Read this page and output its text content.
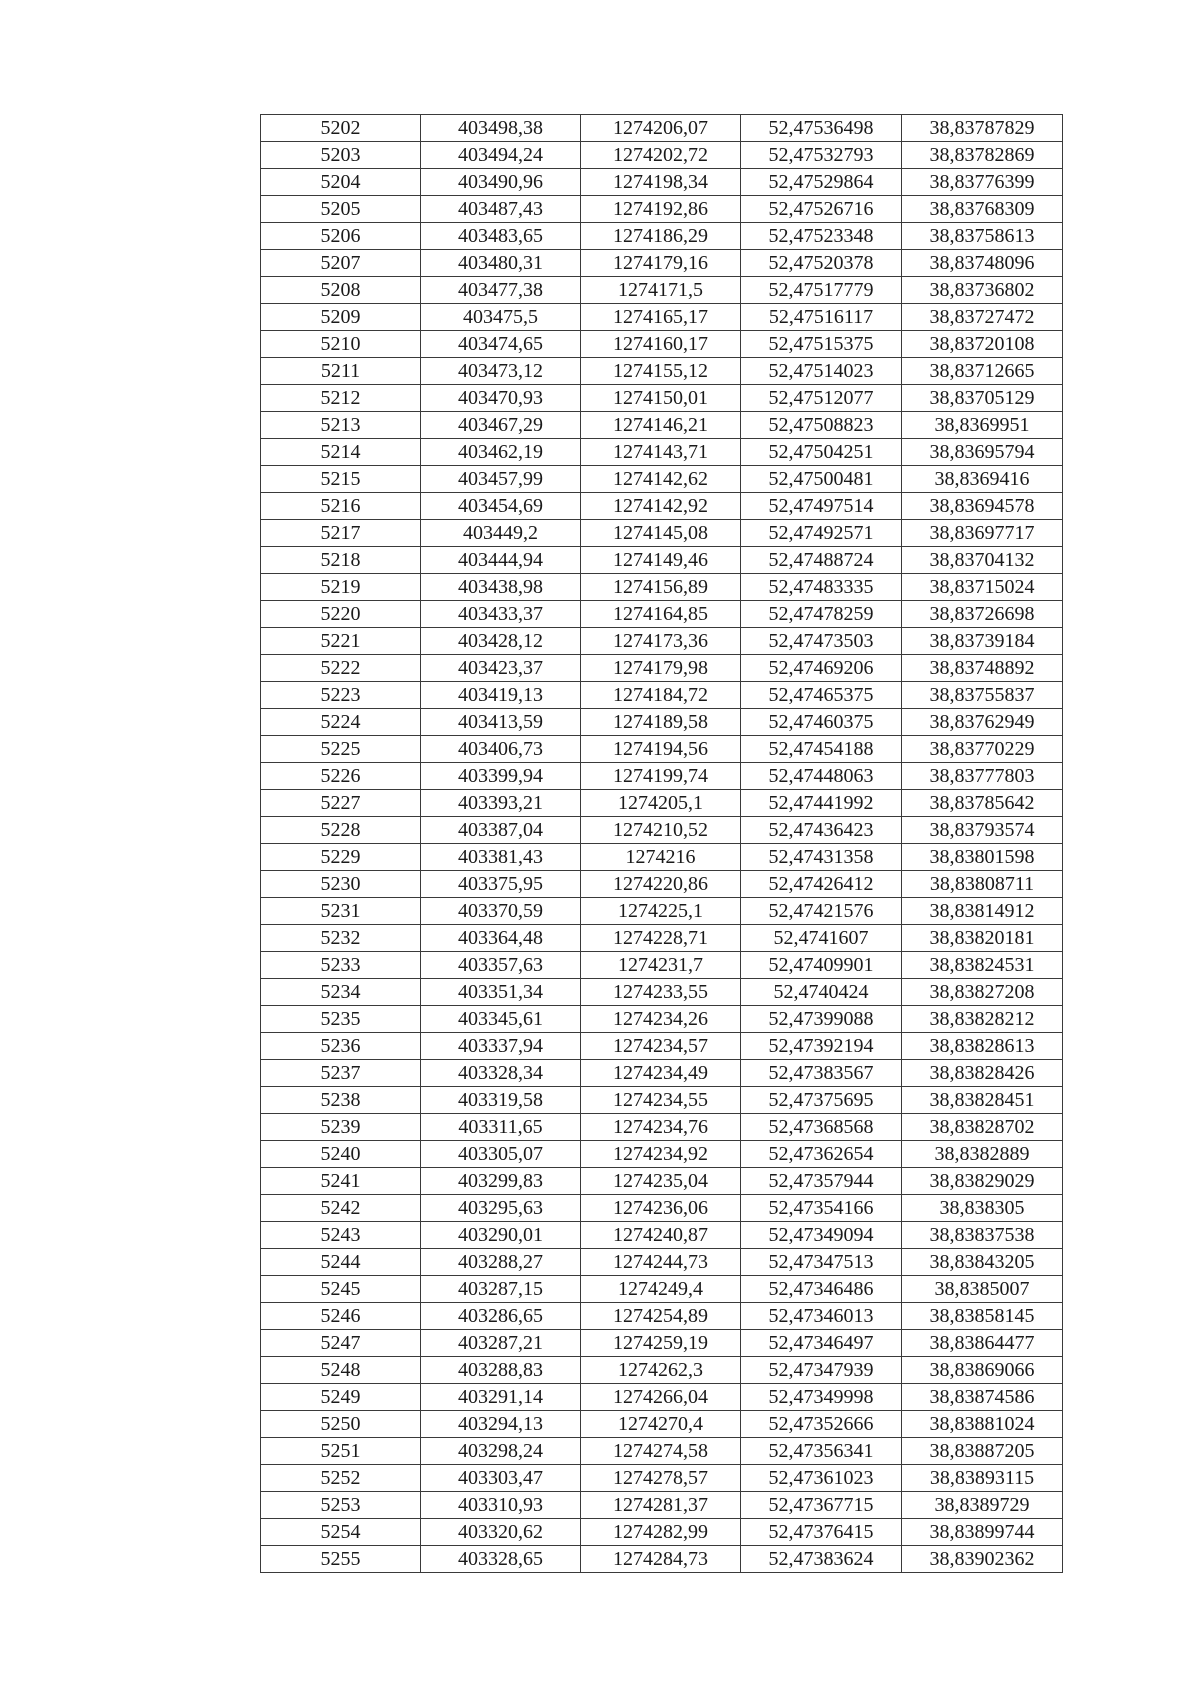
5202	403498,38	1274206,07	52,47536498	38,83787829
5203	403494,24	1274202,72	52,47532793	38,83782869
5204	403490,96	1274198,34	52,47529864	38,83776399
5205	403487,43	1274192,86	52,47526716	38,83768309
5206	403483,65	1274186,29	52,47523348	38,83758613
5207	403480,31	1274179,16	52,47520378	38,83748096
5208	403477,38	1274171,5	52,47517779	38,83736802
5209	403475,5	1274165,17	52,47516117	38,83727472
5210	403474,65	1274160,17	52,47515375	38,83720108
5211	403473,12	1274155,12	52,47514023	38,83712665
5212	403470,93	1274150,01	52,47512077	38,83705129
5213	403467,29	1274146,21	52,47508823	38,8369951
5214	403462,19	1274143,71	52,47504251	38,83695794
5215	403457,99	1274142,62	52,47500481	38,8369416
5216	403454,69	1274142,92	52,47497514	38,83694578
5217	403449,2	1274145,08	52,47492571	38,83697717
5218	403444,94	1274149,46	52,47488724	38,83704132
5219	403438,98	1274156,89	52,47483335	38,83715024
5220	403433,37	1274164,85	52,47478259	38,83726698
5221	403428,12	1274173,36	52,47473503	38,83739184
5222	403423,37	1274179,98	52,47469206	38,83748892
5223	403419,13	1274184,72	52,47465375	38,83755837
5224	403413,59	1274189,58	52,47460375	38,83762949
5225	403406,73	1274194,56	52,47454188	38,83770229
5226	403399,94	1274199,74	52,47448063	38,83777803
5227	403393,21	1274205,1	52,47441992	38,83785642
5228	403387,04	1274210,52	52,47436423	38,83793574
5229	403381,43	1274216	52,47431358	38,83801598
5230	403375,95	1274220,86	52,47426412	38,83808711
5231	403370,59	1274225,1	52,47421576	38,83814912
5232	403364,48	1274228,71	52,4741607	38,83820181
5233	403357,63	1274231,7	52,47409901	38,83824531
5234	403351,34	1274233,55	52,4740424	38,83827208
5235	403345,61	1274234,26	52,47399088	38,83828212
5236	403337,94	1274234,57	52,47392194	38,83828613
5237	403328,34	1274234,49	52,47383567	38,83828426
5238	403319,58	1274234,55	52,47375695	38,83828451
5239	403311,65	1274234,76	52,47368568	38,83828702
5240	403305,07	1274234,92	52,47362654	38,8382889
5241	403299,83	1274235,04	52,47357944	38,83829029
5242	403295,63	1274236,06	52,47354166	38,838305
5243	403290,01	1274240,87	52,47349094	38,83837538
5244	403288,27	1274244,73	52,47347513	38,83843205
5245	403287,15	1274249,4	52,47346486	38,8385007
5246	403286,65	1274254,89	52,47346013	38,83858145
5247	403287,21	1274259,19	52,47346497	38,83864477
5248	403288,83	1274262,3	52,47347939	38,83869066
5249	403291,14	1274266,04	52,47349998	38,83874586
5250	403294,13	1274270,4	52,47352666	38,83881024
5251	403298,24	1274274,58	52,47356341	38,83887205
5252	403303,47	1274278,57	52,47361023	38,83893115
5253	403310,93	1274281,37	52,47367715	38,8389729
5254	403320,62	1274282,99	52,47376415	38,83899744
5255	403328,65	1274284,73	52,47383624	38,83902362
